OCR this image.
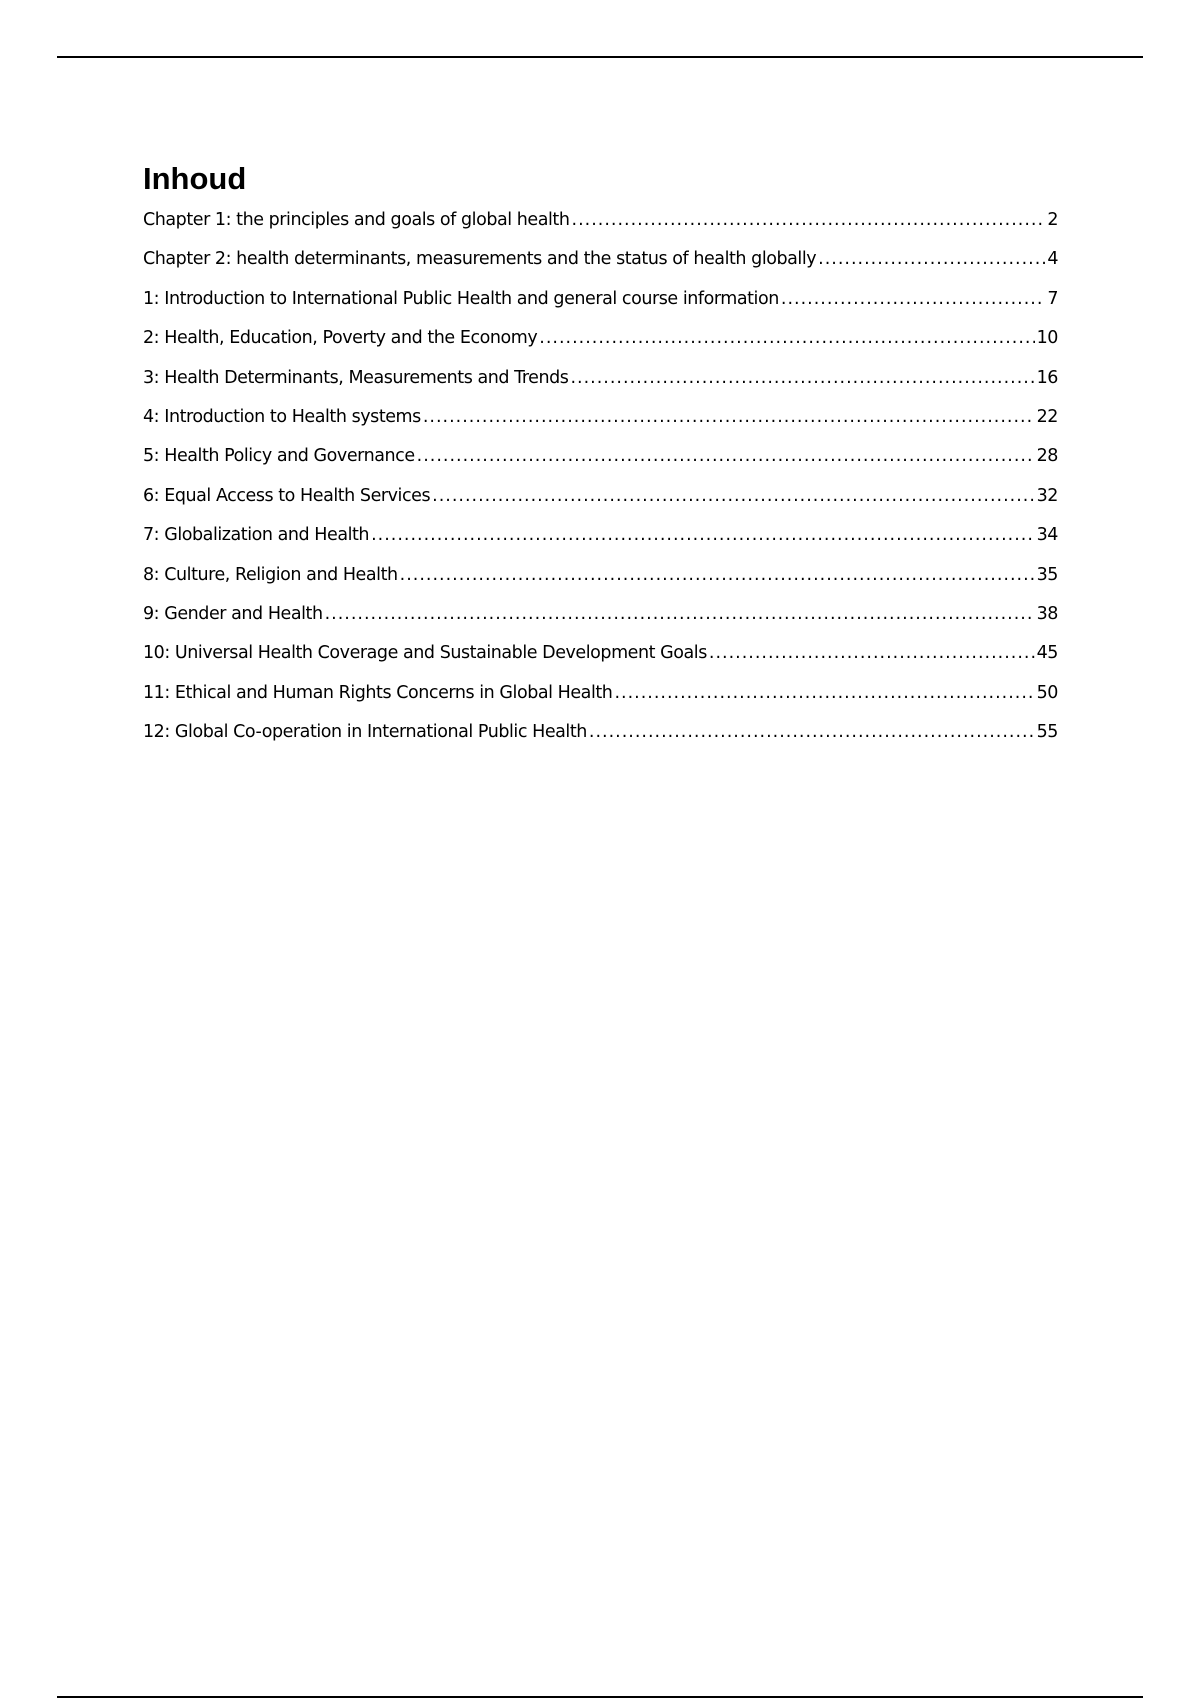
Inhoud
Chapter 1: the principles and goals of global health .....	2
Chapter 2: health determinants, measurements and the status of health globally .....	4
1: Introduction to International Public Health and general course information .....	7
2: Health, Education, Poverty and the Economy .....	10
3: Health Determinants, Measurements and Trends .....	16
4: Introduction to Health systems .....	22
5: Health Policy and Governance .....	28
6: Equal Access to Health Services .....	32
7: Globalization and Health .....	34
8: Culture, Religion and Health .....	35
9: Gender and Health .....	38
10: Universal Health Coverage and Sustainable Development Goals .....	45
11: Ethical and Human Rights Concerns in Global Health .....	50
12: Global Co-operation in International Public Health .....	55
